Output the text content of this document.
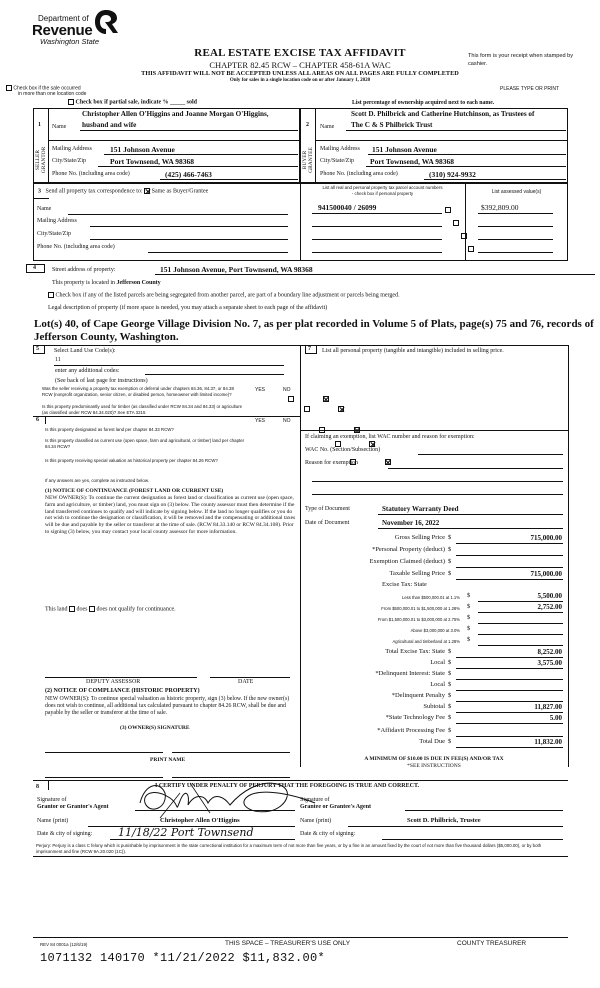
Department of
Revenue
Washington State
REAL ESTATE EXCISE TAX AFFIDAVIT
CHAPTER 82.45 RCW – CHAPTER 458-61A WAC
THIS AFFIDAVIT WILL NOT BE ACCEPTED UNLESS ALL AREAS ON ALL PAGES ARE FULLY COMPLETED
Only for sales in a single location code on or after January 1, 2020
This form is your receipt when stamped by cashier.
PLEASE TYPE OR PRINT
Check box if the sale occurred
in more than one location code
Check box if partial sale, indicate % _____ sold	List percentage of ownership acquired next to each name.
1
SELLER
GRANTOR
Name
Christopher Allen O'Higgins and Joanne Morgan O'Higgins,
husband and wife
Mailing Address 151 Johnson Avenue
City/State/Zip	Port Townsend, WA 98368
Phone No. (including area code)	(425) 466-7463
2
BUYER
GRANTEE
Name
Scott D. Philbrick and Catherine Hutchinson, as Trustees of
The C & S Philbrick Trust
Mailing Address 151 Johnson Avenue
City/State/Zip Port Townsend, WA 98368
Phone No. (including area code)	(310) 924-9932
3 Send all property tax correspondence to: Same as Buyer/Grantee
Name
Mailing Address
City/State/Zip
Phone No. (including area code)
List all real and personal property tax parcel account numbers
- check box if personal property	List assessed value(s)
941500040 / 26099
	$392,809.00

4	Street address of property:	151 Johnson Avenue, Port Townsend, WA 98368
This property is located in Jefferson County
Check box if any of the listed parcels are being segregated from another parcel, are part of a boundary line adjustment or parcels being merged.
Legal description of property (if more space is needed, you may attach a separate sheet to each page of the affidavit)
Lot(s) 40, of Cape George Village Division No. 7, as per plat recorded in Volume 5 of Plats, page(s) 75 and 76, records of Jefferson County, Washington.
5	Select Land Use Code(s):
11
enter any additional codes:
(See back of last page for instructions)
Was the seller receiving a property tax exemption or deferral under chapters 84.36, 84.37, or 84.38 RCW (nonprofit organization, senior citizen, or disabled person, homeowner with limited income)?
YES	NO

Is this property predominantly used for timber (as classified under RCW 84.34 and 84.33) or agriculture (as classified under RCW 84.34.020)? See ETA 3215

6	YES	NO
Is this property designated as forest land per chapter 84.33 RCW?

Is this property classified as current use (open space, farm and agricultural, or timber) land per chapter 84.34 RCW?

Is this property receiving special valuation as historical property per chapter 84.26 RCW?

If any answers are yes, complete as instructed below.
(1) NOTICE OF CONTINUANCE (FOREST LAND OR CURRENT USE)
NEW OWNER(S): To continue the current designation as forest land or classification as current use (open space, farm and agriculture, or timber) land, you must sign on (3) below. The county assessor must then determine if the land transferred continues to qualify and will indicate by signing below. If the land no longer qualifies or you do not wish to continue the designation or classification, it will be removed and the compensating or additional taxes will be due and payable by the seller or transferor at the time of sale. (RCW 84.33.140 or RCW 84.34.108). Prior to signing (3) below, you may contact your local county assessor for more information.
This land does does not qualify for continuance.
DEPUTY ASSESSOR	DATE
(2) NOTICE OF COMPLIANCE (HISTORIC PROPERTY)
NEW OWNER(S): To continue special valuation as historic property, sign (3) below. If the new owner(s) does not wish to continue, all additional tax calculated pursuant to chapter 84.26 RCW, shall be due and payable by the seller or transferor at the time of sale.
(3) OWNER(S) SIGNATURE
PRINT NAME
7 List all personal property (tangible and intangible) included in selling price.
If claiming an exemption, list WAC number and reason for exemption:
WAC No. (Section/Subsection)
Reason for exemption
Type of Document	Statutory Warranty Deed
Date of Document	November 16, 2022
Gross Selling Price $	715,000.00
*Personal Property (deduct) $
Exemption Claimed (deduct) $
Taxable Selling Price $	715,000.00
Excise Tax: State
Less than $500,000.01 at 1.1% $	5,500.00
From $500,000.01 to $1,500,000 at 1.28% $	2,752.00
From $1,500,000.01 to $3,000,000 at 2.75% $
Above $3,000,000 at 3.0% $
Agricultural and timberland at 1.28% $
Total Excise Tax: State $	8,252.00
Local $	3,575.00
*Delinquent Interest: State $
Local $
*Delinquent Penalty $
Subtotal $	11,827.00
*State Technology Fee $	5.00
*Affidavit Processing Fee $
Total Due $	11,832.00
A MINIMUM OF $10.00 IS DUE IN FEE(S) AND/OR TAX
*SEE INSTRUCTIONS
8	I CERTIFY UNDER PENALTY OF PERJURY THAT THE FOREGOING IS TRUE AND CORRECT.
Signature of
Grantor or Grantor's Agent
Name (print)	Christopher Allen O'Higgins
Date & city of signing: 11/18/22 Port Townsend
Signature of
Grantee or Grantee's Agent
Name (print)	Scott D. Philbrick, Trustee
Date & city of signing:
Perjury: Perjury is a class C felony which is punishable by imprisonment in the state correctional institution for a maximum term of not more than five years, or by a fine in an amount fixed by the court of not more than five thousand dollars ($5,000.00), or by both imprisonment and fine (RCW 9A.20.020 (1C)).
REV 84 0001a (12/6/19)	THIS SPACE – TREASURER'S USE ONLY	COUNTY TREASURER
1071132 140170 *11/21/2022 $11,832.00*
